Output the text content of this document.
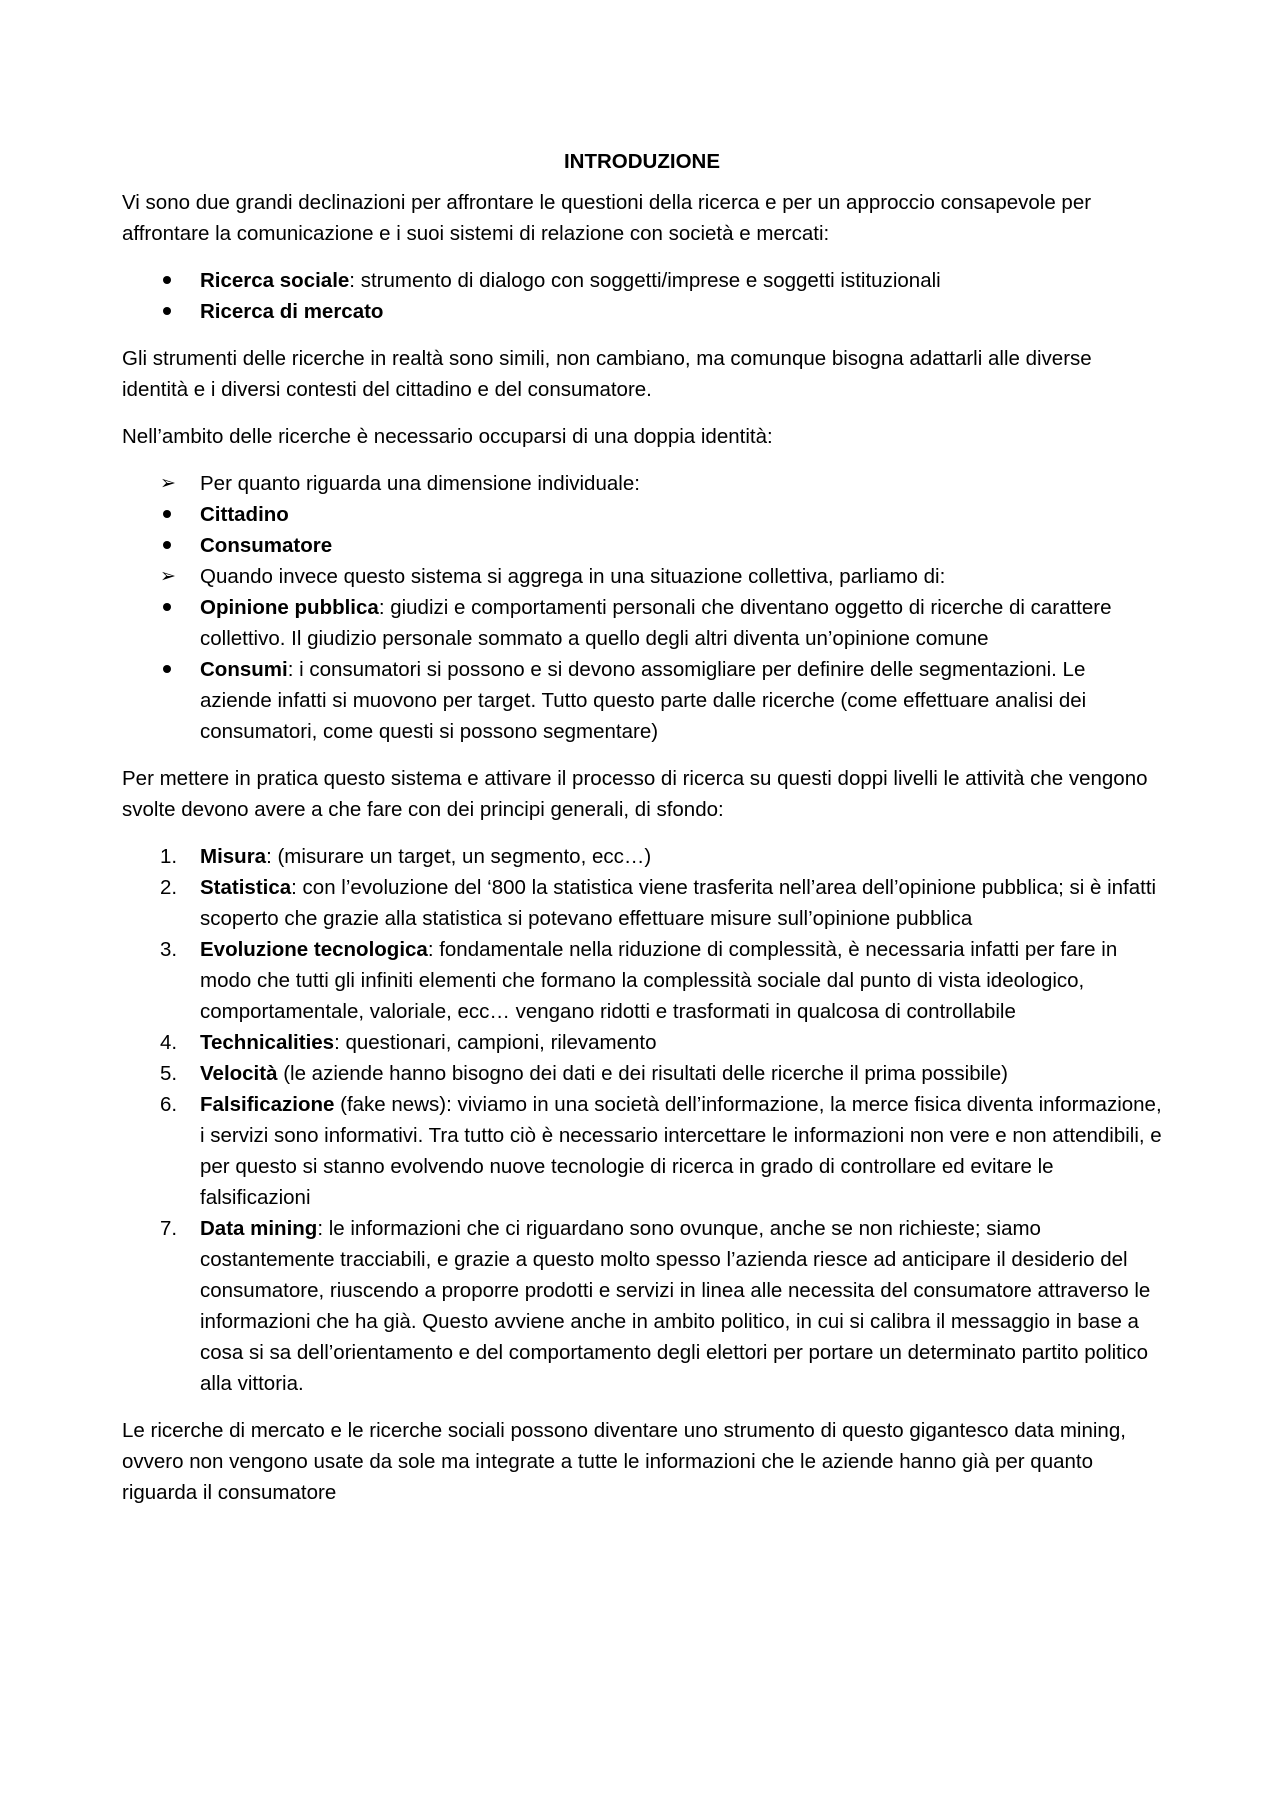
INTRODUZIONE

Vi sono due grandi declinazioni per affrontare le questioni della ricerca e per un approccio consapevole per affrontare la comunicazione e i suoi sistemi di relazione con società e mercati:

Ricerca sociale: strumento di dialogo con soggetti/imprese e soggetti istituzionali
Ricerca di mercato

Gli strumenti delle ricerche in realtà sono simili, non cambiano, ma comunque bisogna adattarli alle diverse identità e i diversi contesti del cittadino e del consumatore.

Nell’ambito delle ricerche è necessario occuparsi di una doppia identità:

➢	Per quanto riguarda una dimensione individuale:
Cittadino
Consumatore
➢	Quando invece questo sistema si aggrega in una situazione collettiva, parliamo di:
Opinione pubblica: giudizi e comportamenti personali che diventano oggetto di ricerche di carattere collettivo. Il giudizio personale sommato a quello degli altri diventa un’opinione comune
Consumi: i consumatori si possono e si devono assomigliare per definire delle segmentazioni. Le aziende infatti si muovono per target. Tutto questo parte dalle ricerche (come effettuare analisi dei consumatori, come questi si possono segmentare)

Per mettere in pratica questo sistema e attivare il processo di ricerca su questi doppi livelli le attività che vengono svolte devono avere a che fare con dei principi generali, di sfondo:

1.	Misura: (misurare un target, un segmento, ecc…)
2.	Statistica: con l’evoluzione del ‘800 la statistica viene trasferita nell’area dell’opinione pubblica; si è infatti scoperto che grazie alla statistica si potevano effettuare misure sull’opinione pubblica
3.	Evoluzione tecnologica: fondamentale nella riduzione di complessità, è necessaria infatti per fare in modo che tutti gli infiniti elementi che formano la complessità sociale dal punto di vista ideologico, comportamentale, valoriale, ecc… vengano ridotti e trasformati in qualcosa di controllabile
4.	Technicalities: questionari, campioni, rilevamento
5.	Velocità (le aziende hanno bisogno dei dati e dei risultati delle ricerche il prima possibile)
6.	Falsificazione (fake news): viviamo in una società dell’informazione, la merce fisica diventa informazione, i servizi sono informativi. Tra tutto ciò è necessario intercettare le informazioni non vere e non attendibili, e per questo si stanno evolvendo nuove tecnologie di ricerca in grado di controllare ed evitare le falsificazioni
7.	Data mining: le informazioni che ci riguardano sono ovunque, anche se non richieste; siamo costantemente tracciabili, e grazie a questo molto spesso l’azienda riesce ad anticipare il desiderio del consumatore, riuscendo a proporre prodotti e servizi in linea alle necessita del consumatore attraverso le informazioni che ha già. Questo avviene anche in ambito politico, in cui si calibra il messaggio in base a cosa si sa dell’orientamento e del comportamento degli elettori per portare un determinato partito politico alla vittoria.

Le ricerche di mercato e le ricerche sociali possono diventare uno strumento di questo gigantesco data mining, ovvero non vengono usate da sole ma integrate a tutte le informazioni che le aziende hanno già per quanto riguarda il consumatore
